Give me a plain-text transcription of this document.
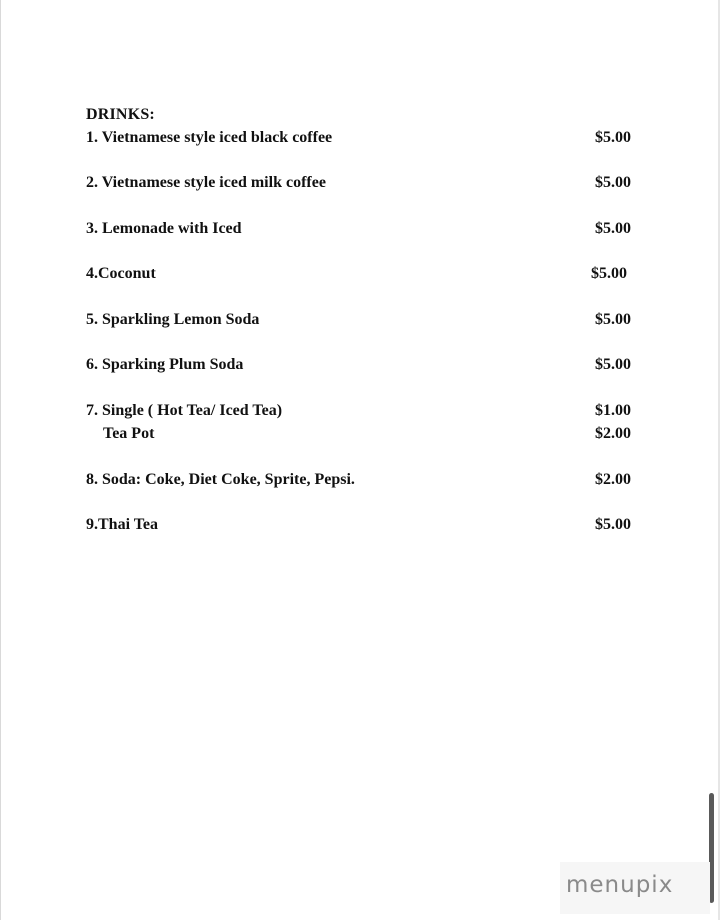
DRINKS:
1. Vietnamese style iced black coffee	$5.00
2. Vietnamese style iced milk coffee	$5.00
3. Lemonade with Iced	$5.00
4.Coconut	$5.00
5. Sparkling Lemon Soda	$5.00
6. Sparking Plum Soda	$5.00
7. Single ( Hot Tea/ Iced Tea)	$1.00
Tea Pot	$2.00
8. Soda: Coke, Diet Coke, Sprite, Pepsi.	$2.00
9.Thai Tea	$5.00
menupix
